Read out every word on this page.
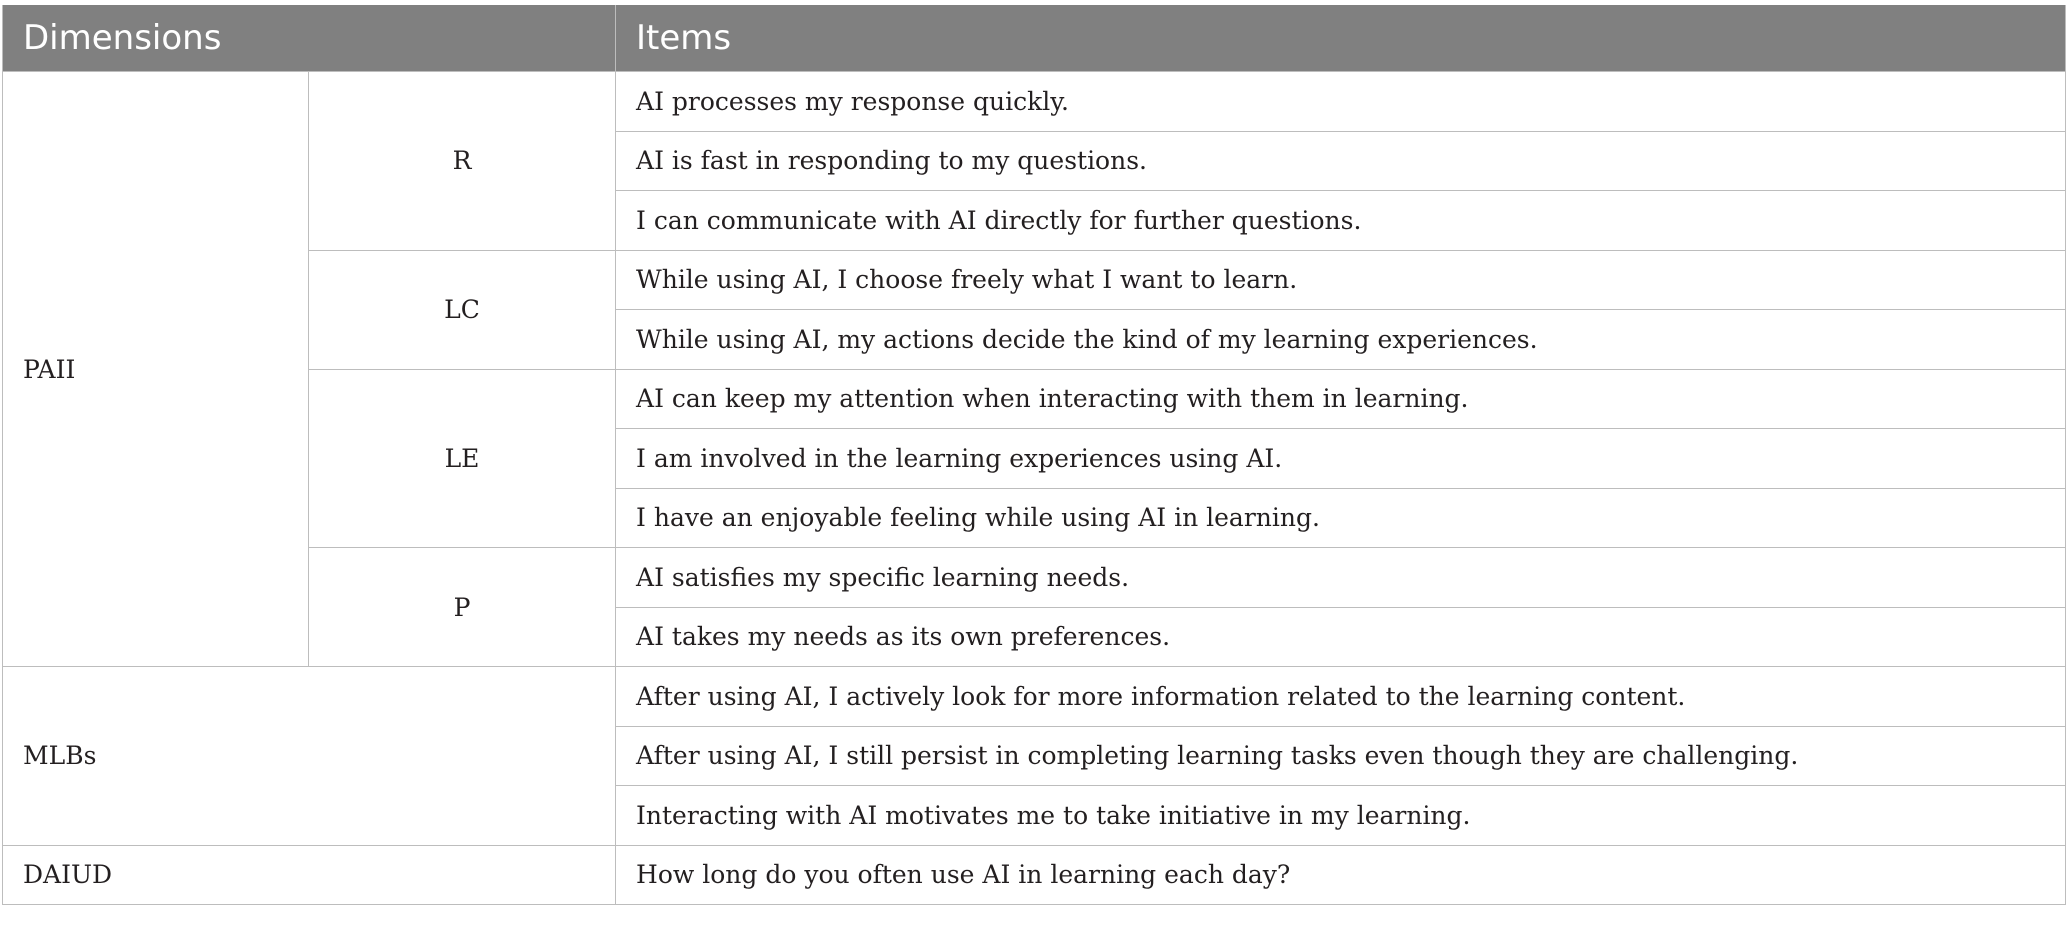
Dimensions		Items
PAII	R	AI processes my response quickly.
		AI is fast in responding to my questions.
		I can communicate with AI directly for further questions.
	LC	While using AI, I choose freely what I want to learn.
		While using AI, my actions decide the kind of my learning experiences.
	LE	AI can keep my attention when interacting with them in learning.
		I am involved in the learning experiences using AI.
		I have an enjoyable feeling while using AI in learning.
	P	AI satisfies my specific learning needs.
		AI takes my needs as its own preferences.
MLBs		After using AI, I actively look for more information related to the learning content.
		After using AI, I still persist in completing learning tasks even though they are challenging.
		Interacting with AI motivates me to take initiative in my learning.
DAIUD		How long do you often use AI in learning each day?
